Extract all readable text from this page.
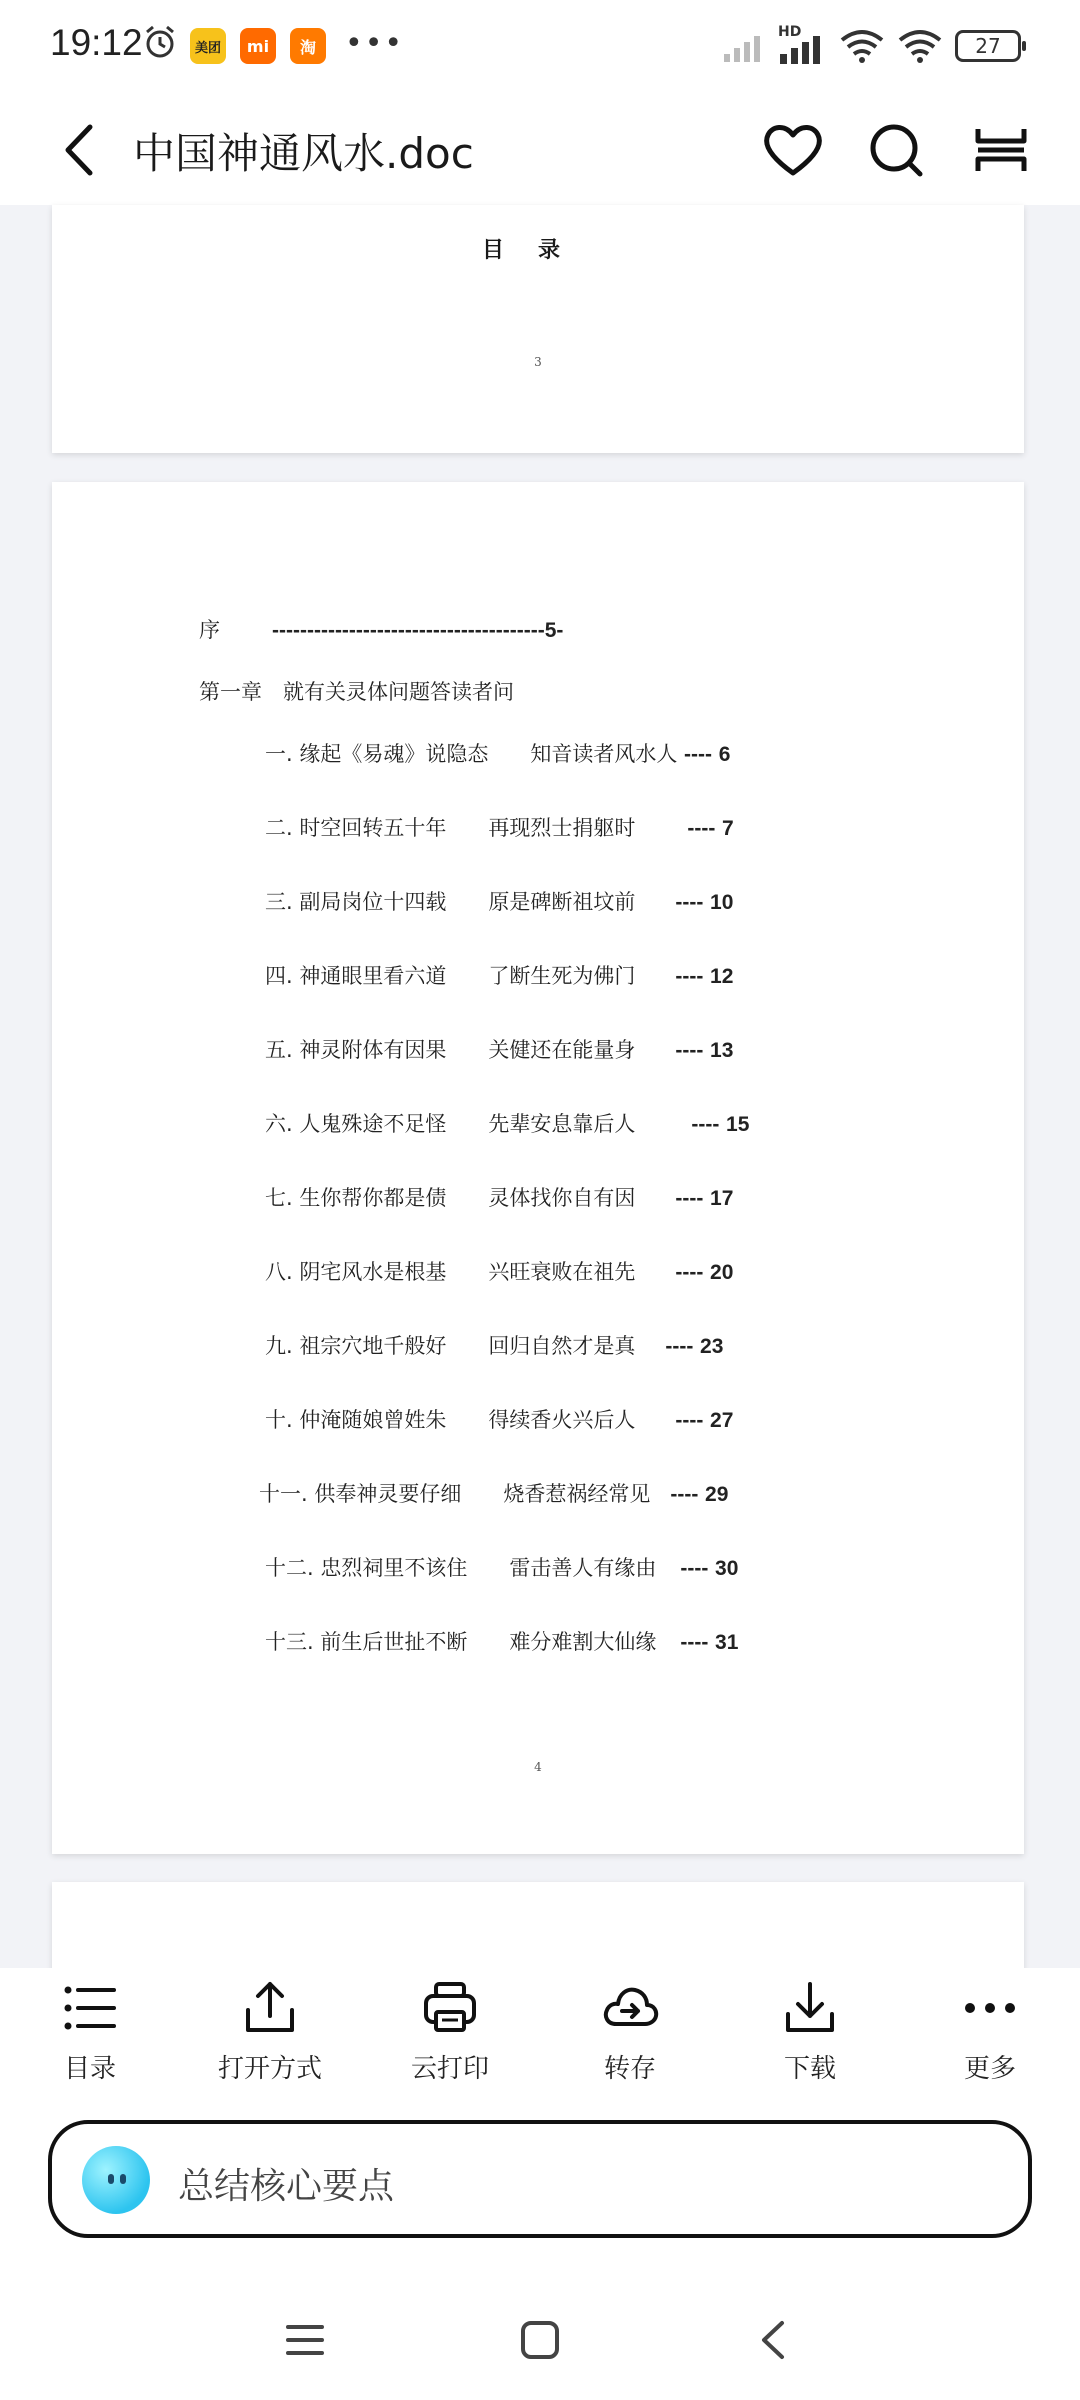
19:12	美团	mi	淘 •••	HD
27
中国神通风水.doc
目录
3
序 ---------------------------------------5-
第一章　就有关灵体问题答读者问
一. 缘起《易魂》说隐态　　知音读者风水人 ---- 6
二. 时空回转五十年　　再现烈士捐躯时 ---- 7
三. 副局岗位十四载　　原是碑断祖坟前 ---- 10
四. 神通眼里看六道　　了断生死为佛门 ---- 12
五. 神灵附体有因果　　关健还在能量身 ---- 13
六. 人鬼殊途不足怪　　先辈安息靠后人	---- 15
七. 生你帮你都是债　　灵体找你自有因 ---- 17
八. 阴宅风水是根基　　兴旺衰败在祖先 ---- 20
九. 祖宗穴地千般好　　回归自然才是真 ---- 23
十. 仲淹随娘曾姓朱　　得续香火兴后人 ---- 27
十一. 供奉神灵要仔细　　烧香惹祸经常见 ---- 29
十二. 忠烈祠里不该住　　雷击善人有缘由 ---- 30
十三. 前生后世扯不断　　难分难割大仙缘 ---- 31
4
目录	打开方式	云打印	转存	下载	更多
总结核心要点
